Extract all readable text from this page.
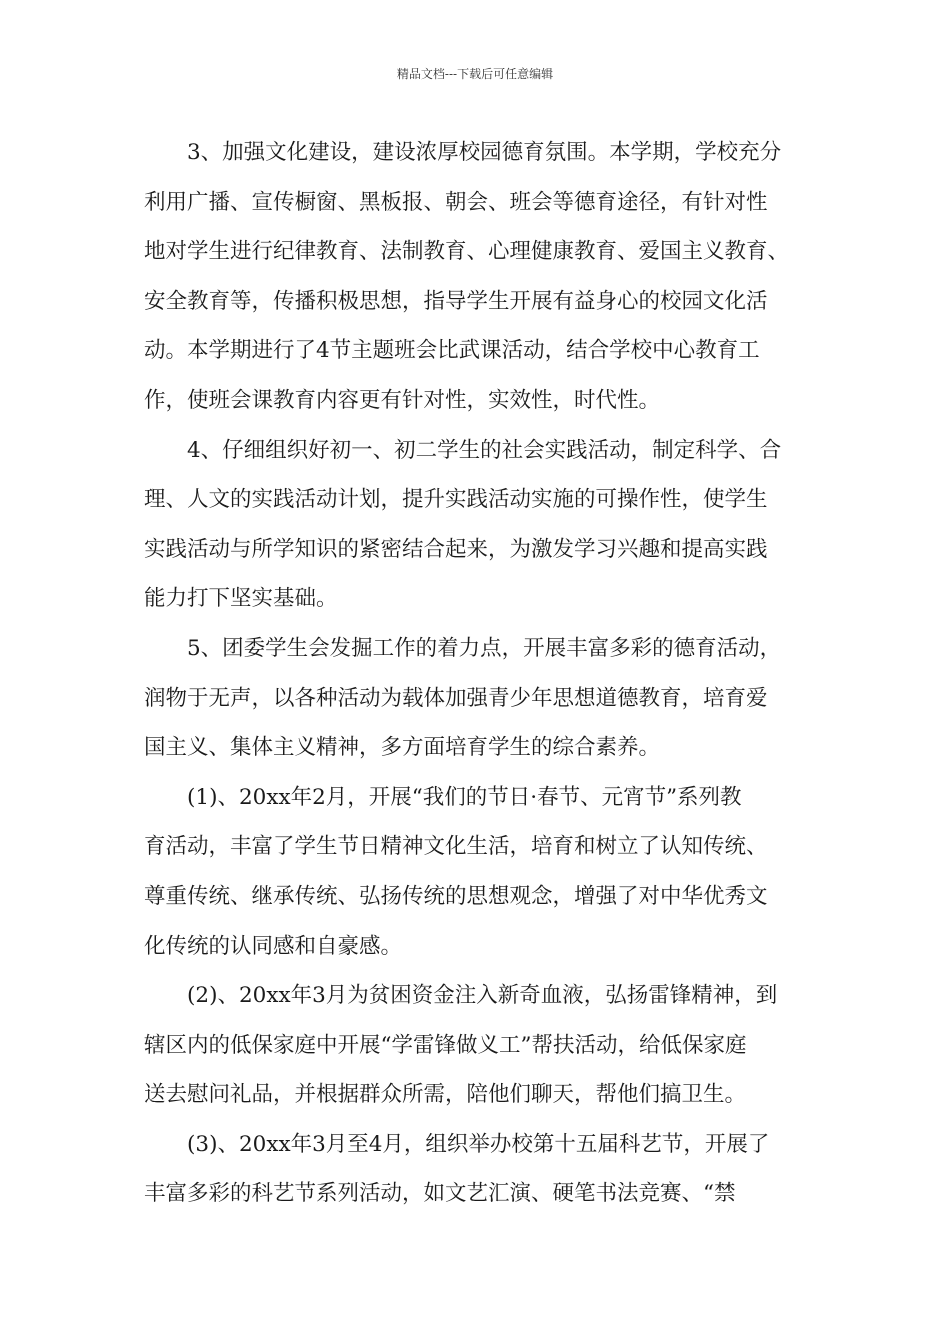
精品文档---下载后可任意编辑
3、加强文化建设，建设浓厚校园德育氛围。本学期，学校充分
利用广播、宣传橱窗、黑板报、朝会、班会等德育途径，有针对性
地对学生进行纪律教育、法制教育、心理健康教育、爱国主义教育、
安全教育等，传播积极思想，指导学生开展有益身心的校园文化活
动。本学期进行了4节主题班会比武课活动，结合学校中心教育工
作，使班会课教育内容更有针对性，实效性，时代性。
4、仔细组织好初一、初二学生的社会实践活动，制定科学、合
理、人文的实践活动计划，提升实践活动实施的可操作性，使学生
实践活动与所学知识的紧密结合起来，为激发学习兴趣和提高实践
能力打下坚实基础。
5、团委学生会发掘工作的着力点，开展丰富多彩的德育活动，
润物于无声，以各种活动为载体加强青少年思想道德教育，培育爱
国主义、集体主义精神，多方面培育学生的综合素养。
(1)、20xx年2月，开展“我们的节日·春节、元宵节”系列教
育活动，丰富了学生节日精神文化生活，培育和树立了认知传统、
尊重传统、继承传统、弘扬传统的思想观念，增强了对中华优秀文
化传统的认同感和自豪感。
(2)、20xx年3月为贫困资金注入新奇血液，弘扬雷锋精神，到
辖区内的低保家庭中开展“学雷锋做义工”帮扶活动，给低保家庭
送去慰问礼品，并根据群众所需，陪他们聊天，帮他们搞卫生。
(3)、20xx年3月至4月，组织举办校第十五届科艺节，开展了
丰富多彩的科艺节系列活动，如文艺汇演、硬笔书法竞赛、“禁
